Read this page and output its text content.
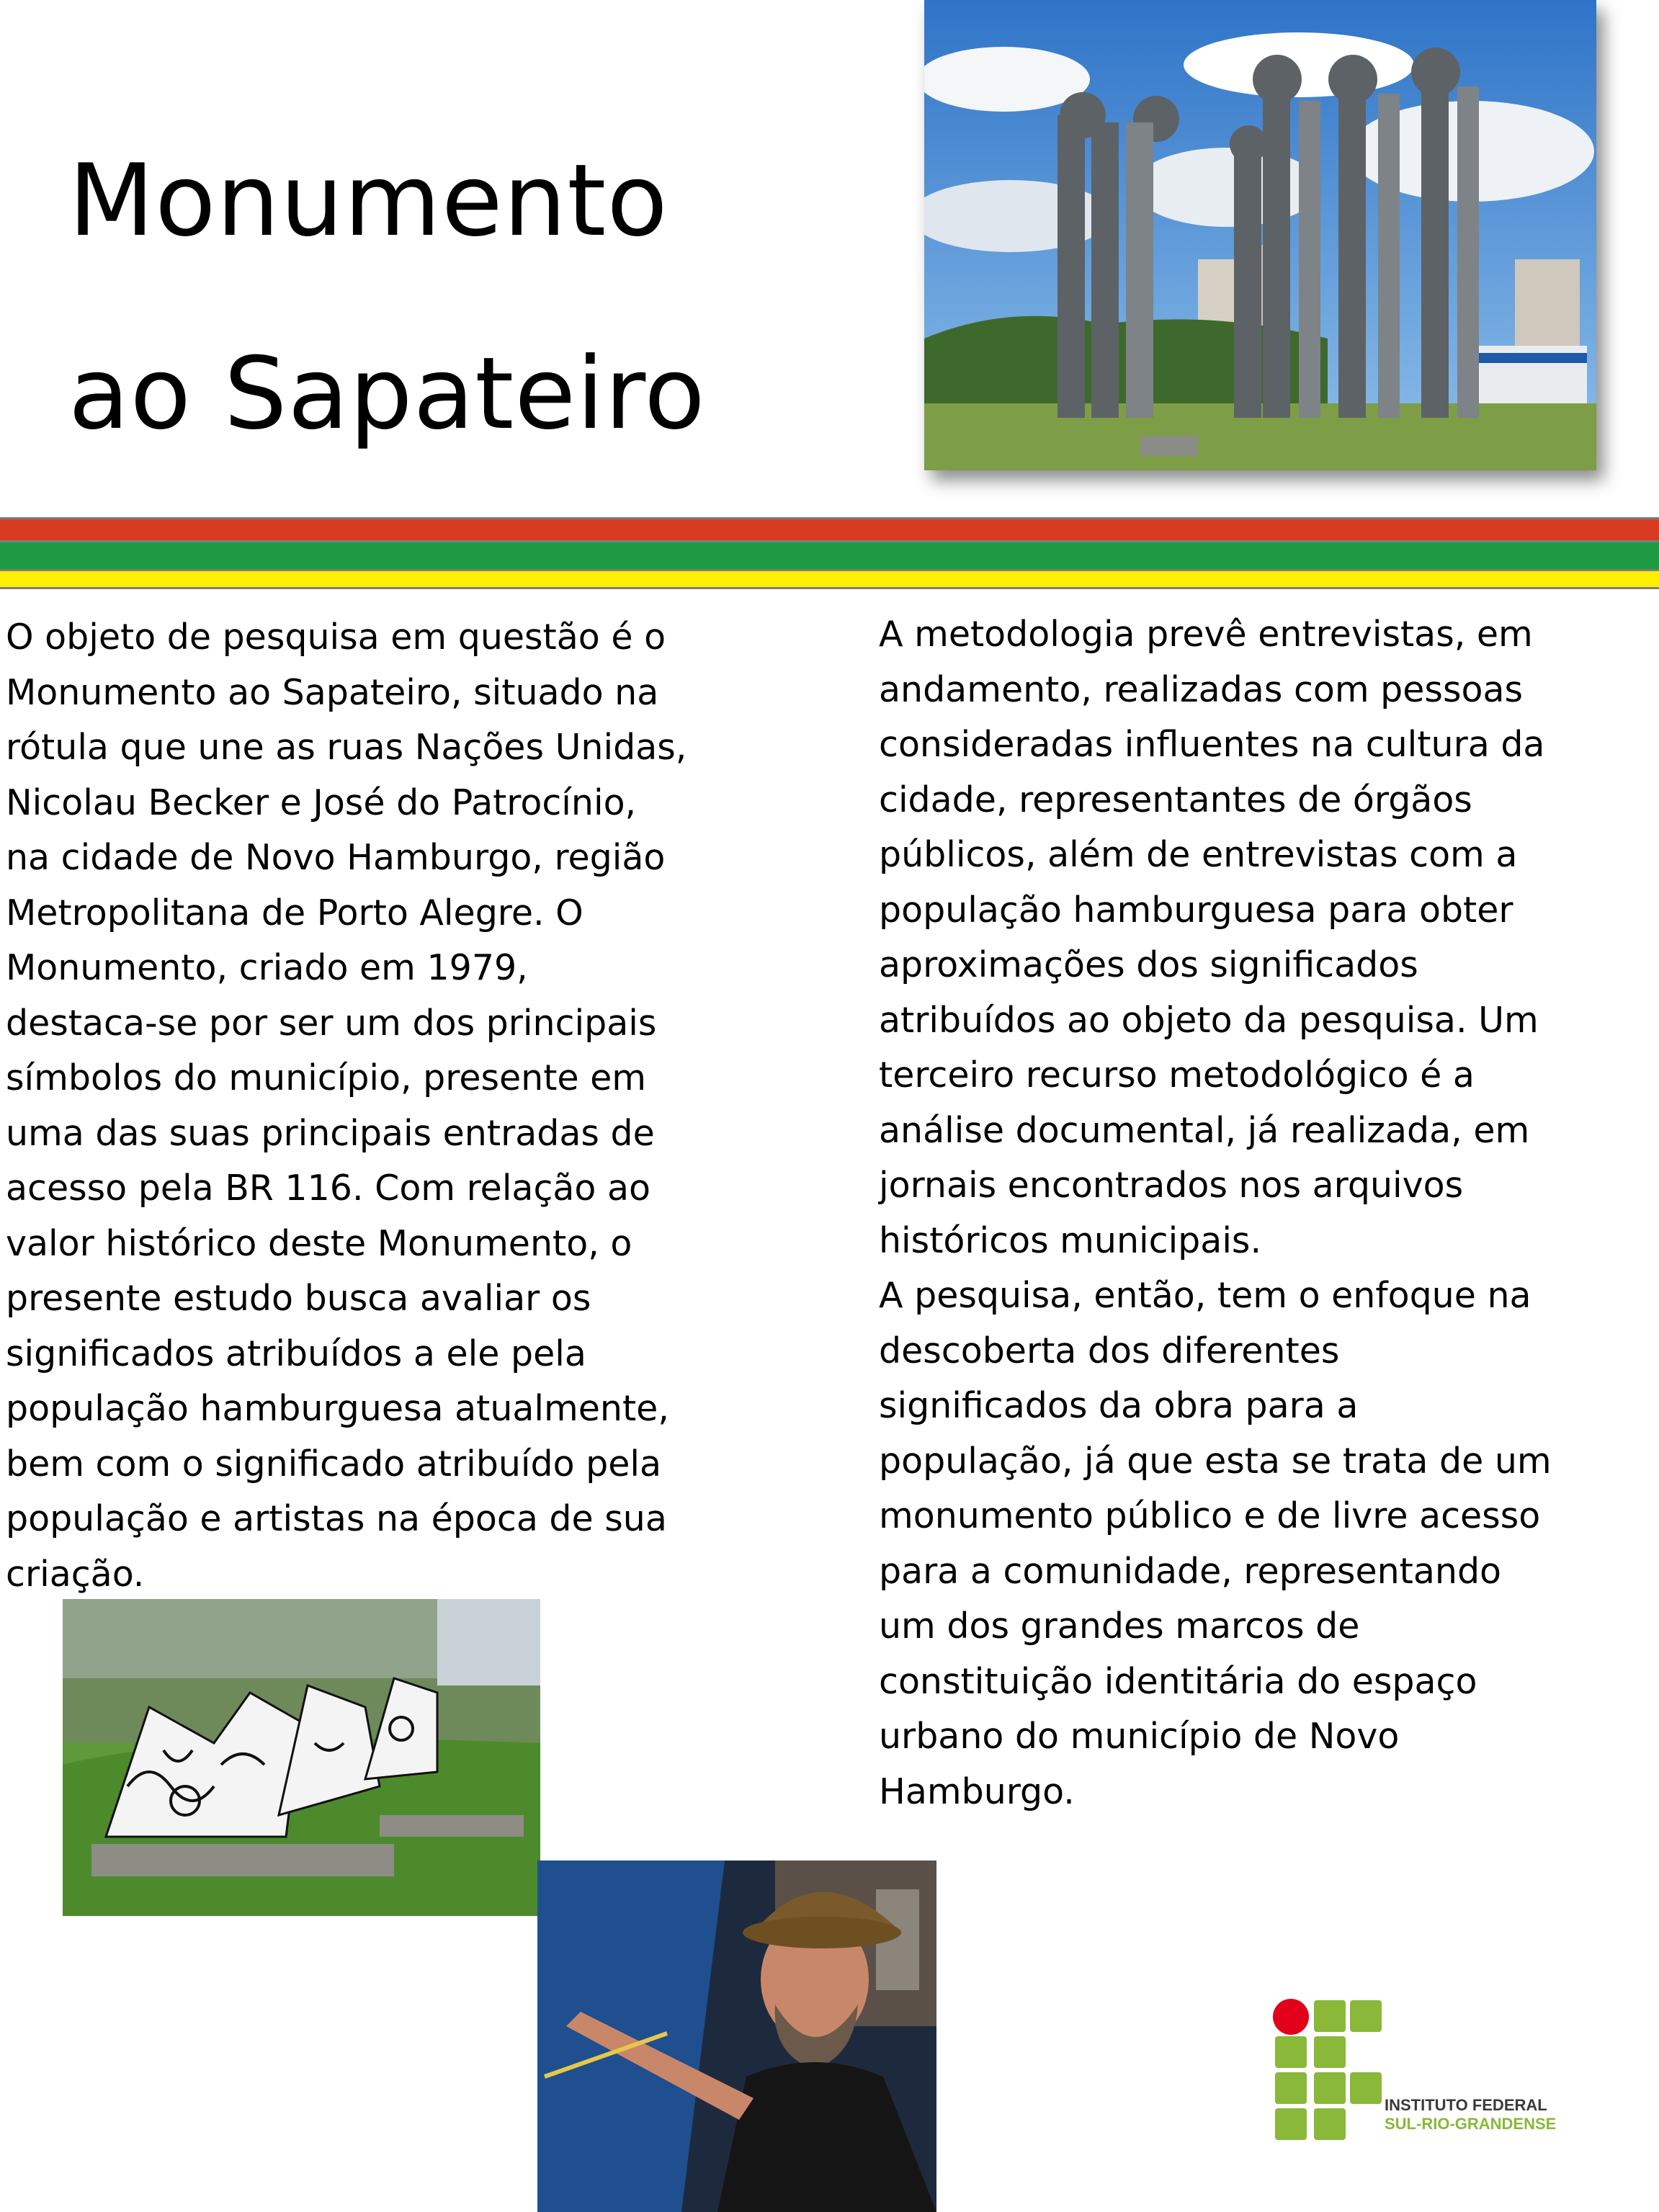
Monumento
ao Sapateiro

O objeto de pesquisa em questão é o
Monumento ao Sapateiro, situado na
rótula que une as ruas Nações Unidas,
Nicolau Becker e José do Patrocínio,
na cidade de Novo Hamburgo, região
Metropolitana de Porto Alegre. O
Monumento, criado em 1979,
destaca-se por ser um dos principais
símbolos do município, presente em
uma das suas principais entradas de
acesso pela BR 116. Com relação ao
valor histórico deste Monumento, o
presente estudo busca avaliar os
significados atribuídos a ele pela
população hamburguesa atualmente,
bem com o significado atribuído pela
população e artistas na época de sua
criação.

A metodologia prevê entrevistas, em
andamento, realizadas com pessoas
consideradas influentes na cultura da
cidade, representantes de órgãos
públicos, além de entrevistas com a
população hamburguesa para obter
aproximações dos significados
atribuídos ao objeto da pesquisa. Um
terceiro recurso metodológico é a
análise documental, já realizada, em
jornais encontrados nos arquivos
históricos municipais.
A pesquisa, então, tem o enfoque na
descoberta dos diferentes
significados da obra para a
população, já que esta se trata de um
monumento público e de livre acesso
para a comunidade, representando
um dos grandes marcos de
constituição identitária do espaço
urbano do município de Novo
Hamburgo.

INSTITUTO FEDERAL
SUL-RIO-GRANDENSE
